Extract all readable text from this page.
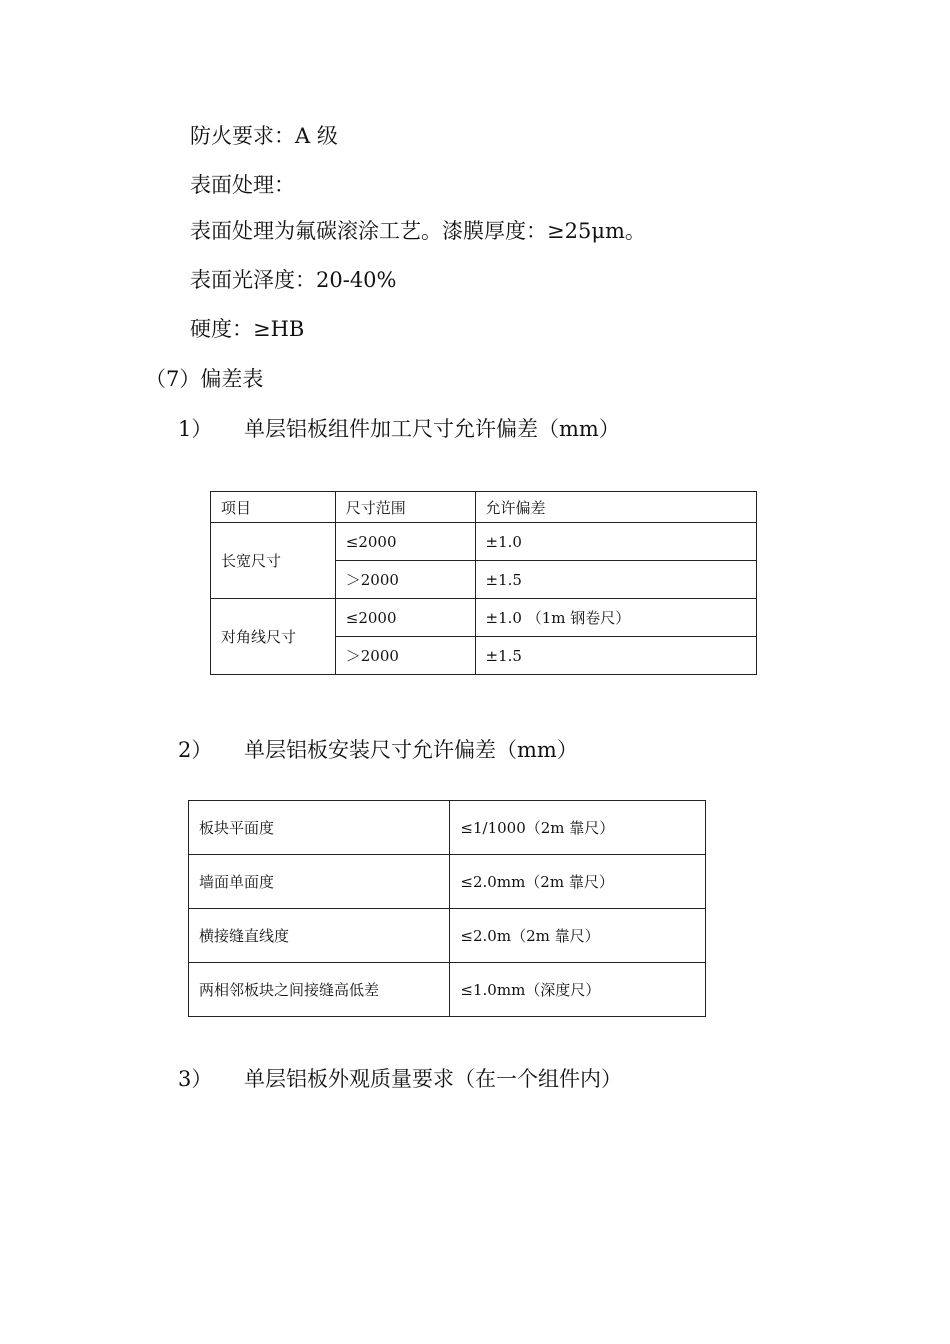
防火要求：A 级
表面处理：
表面处理为氟碳滚涂工艺。漆膜厚度：≥25μm。
表面光泽度：20-40%
硬度：≥HB
（7）偏差表
1） 单层铝板组件加工尺寸允许偏差（mm）
项目	尺寸范围	允许偏差
长宽尺寸	≤2000	±1.0
	＞2000	±1.5
对角线尺寸	≤2000	±1.0 （1m 钢卷尺）
	＞2000	±1.5
2） 单层铝板安装尺寸允许偏差（mm）
板块平面度	≤1/1000（2m 靠尺）
墙面单面度	≤2.0mm（2m 靠尺）
横接缝直线度	≤2.0m（2m 靠尺）
两相邻板块之间接缝高低差	≤1.0mm（深度尺）
3） 单层铝板外观质量要求（在一个组件内）
